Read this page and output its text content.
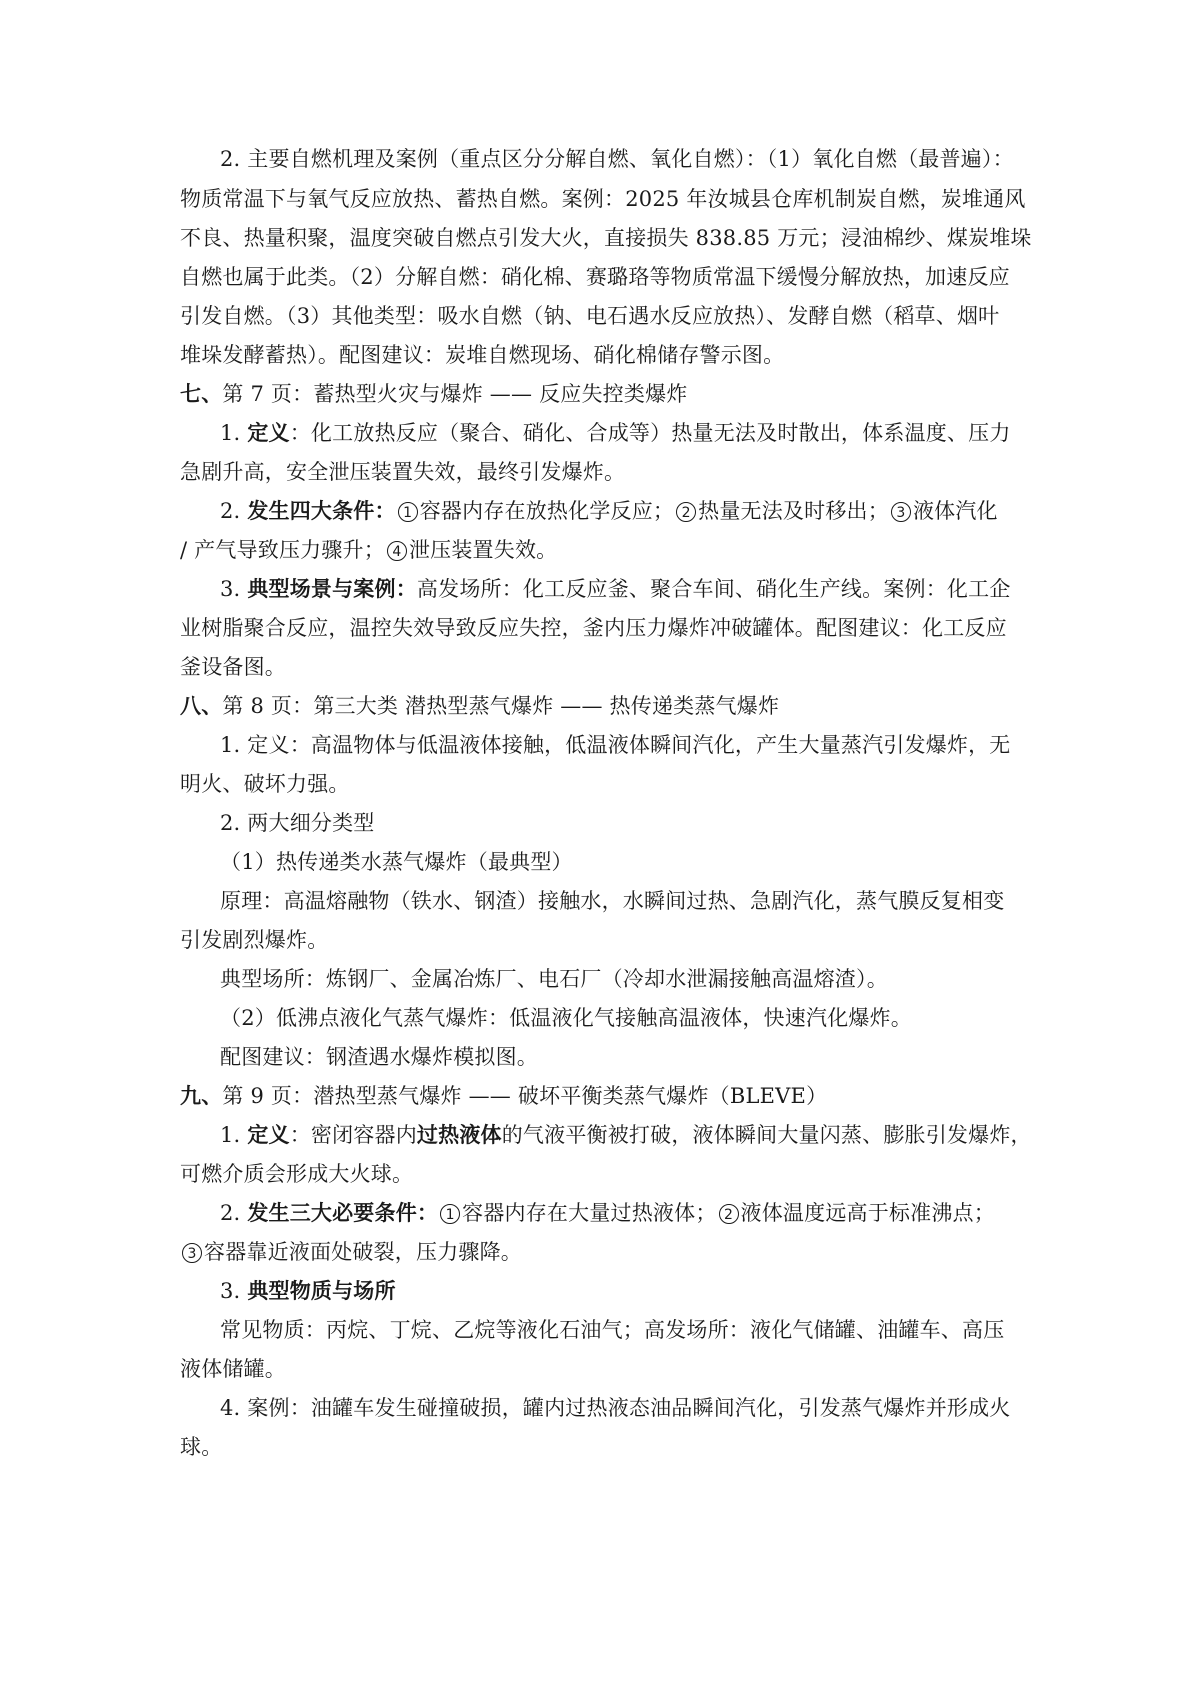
2. 主要自燃机理及案例（重点区分分解自燃、氧化自燃）：（1）氧化自燃（最普遍）：
物质常温下与氧气反应放热、蓄热自燃。案例：2025 年汝城县仓库机制炭自燃，炭堆通风
不良、热量积聚，温度突破自燃点引发大火，直接损失 838.85 万元；浸油棉纱、煤炭堆垛
自燃也属于此类。（2）分解自燃：硝化棉、赛璐珞等物质常温下缓慢分解放热，加速反应
引发自燃。（3）其他类型：吸水自燃（钠、电石遇水反应放热）、发酵自燃（稻草、烟叶
堆垛发酵蓄热）。配图建议：炭堆自燃现场、硝化棉储存警示图。
七、第 7 页：蓄热型火灾与爆炸 —— 反应失控类爆炸
1. 定义：化工放热反应（聚合、硝化、合成等）热量无法及时散出，体系温度、压力
急剧升高，安全泄压装置失效，最终引发爆炸。
2. 发生四大条件： 1 容器内存在放热化学反应； 2 热量无法及时移出； 3 液体汽化
/ 产气导致压力骤升； 4 泄压装置失效。
3. 典型场景与案例：高发场所：化工反应釜、聚合车间、硝化生产线。案例：化工企
业树脂聚合反应，温控失效导致反应失控，釜内压力爆炸冲破罐体。配图建议：化工反应
釜设备图。
八、第 8 页：第三大类 潜热型蒸气爆炸 —— 热传递类蒸气爆炸
1. 定义：高温物体与低温液体接触，低温液体瞬间汽化，产生大量蒸汽引发爆炸，无
明火、破坏力强。
2. 两大细分类型
（1）热传递类水蒸气爆炸（最典型）
原理：高温熔融物（铁水、钢渣）接触水，水瞬间过热、急剧汽化，蒸气膜反复相变
引发剧烈爆炸。
典型场所：炼钢厂、金属冶炼厂、电石厂（冷却水泄漏接触高温熔渣）。
（2）低沸点液化气蒸气爆炸：低温液化气接触高温液体，快速汽化爆炸。
配图建议：钢渣遇水爆炸模拟图。
九、第 9 页：潜热型蒸气爆炸 —— 破坏平衡类蒸气爆炸（BLEVE）
1. 定义：密闭容器内过热液体的气液平衡被打破，液体瞬间大量闪蒸、膨胀引发爆炸，
可燃介质会形成大火球。
2. 发生三大必要条件： 1 容器内存在大量过热液体； 2 液体温度远高于标准沸点；
3 容器靠近液面处破裂，压力骤降。
3. 典型物质与场所
常见物质：丙烷、丁烷、乙烷等液化石油气；高发场所：液化气储罐、油罐车、高压
液体储罐。
4. 案例：油罐车发生碰撞破损，罐内过热液态油品瞬间汽化，引发蒸气爆炸并形成火
球。
